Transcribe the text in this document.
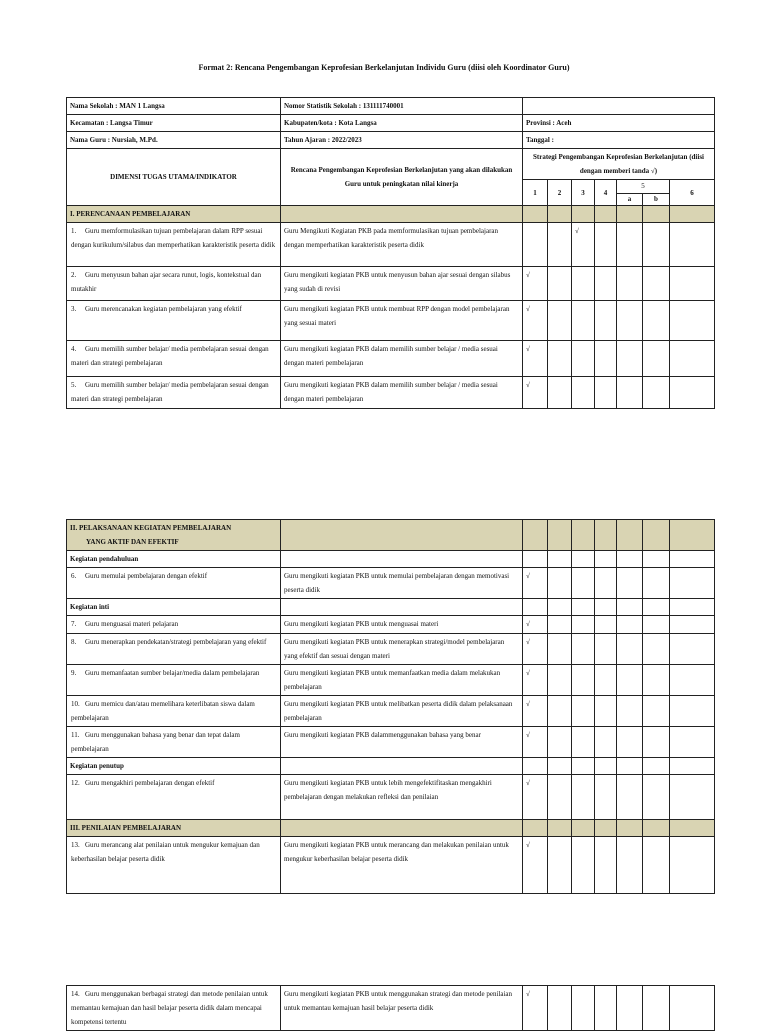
Format 2: Rencana Pengembangan Keprofesian Berkelanjutan Individu Guru (diisi oleh Koordinator Guru)
Nama Sekolah : MAN 1 Langsa	Nomor Statistik Sekolah : 131111740001							
Kecamatan : Langsa Timur	Kabupaten/kota : Kota Langsa	Provinsi : Aceh						
Nama Guru : Nursiah, M.Pd.	Tahun Ajaran : 2022/2023	Tanggal :						
DIMENSI TUGAS UTAMA/INDIKATOR	Rencana Pengembangan Keprofesian Berkelanjutan yang akan dilakukan Guru untuk peningkatan nilai kinerja	Strategi Pengembangan Keprofesian Berkelanjutan (diisi dengan memberi tanda √)						
		1	2	3	4	5		6
						a	b	
I. PERENCANAAN PEMBELAJARAN								
1. Guru memformulasikan tujuan pembelajaran dalam RPP sesuai dengan kurikulum/silabus dan memperhatikan karakteristik peserta didik	Guru Mengikuti Kegiatan PKB pada memformulasikan tujuan pembelajaran dengan memperhatikan karakteristik peserta didik			√				
2. Guru menyusun bahan ajar secara runut, logis, kontekstual dan mutakhir	Guru mengikuti kegiatan PKB untuk menyusun bahan ajar sesuai dengan silabus yang sudah di revisi	√						
3. Guru merencanakan kegiatan pembelajaran yang efektif	Guru mengikuti kegiatan PKB untuk membuat RPP dengan model pembelajaran yang sesuai materi	√						
4. Guru memilih sumber belajar/ media pembelajaran sesuai dengan materi dan strategi pembelajaran	Guru mengikuti kegiatan PKB dalam memilih sumber belajar / media sesuai dengan materi pembelajaran	√						
5. Guru memilih sumber belajar/ media pembelajaran sesuai dengan materi dan strategi pembelajaran	Guru mengikuti kegiatan PKB dalam memilih sumber belajar / media sesuai dengan materi pembelajaran	√						
II. PELAKSANAAN KEGIATAN PEMBELAJARAN
YANG AKTIF DAN EFEKTIF								

Kegiatan pendahuluan								
6. Guru memulai pembelajaran dengan efektif	Guru mengikuti kegiatan PKB untuk memulai pembelajaran dengan memotivasi peserta didik	√						
Kegiatan inti								
7. Guru menguasai materi pelajaran	Guru mengikuti kegiatan PKB untuk menguasai materi	√						
8. Guru menerapkan pendekatan/strategi pembelajaran yang efektif	Guru mengikuti kegiatan PKB untuk menerapkan strategi/model pembelajaran yang efektif dan sesuai dengan materi	√						
9. Guru memanfaatan sumber belajar/media dalam pembelajaran	Guru mengikuti kegiatan PKB untuk memanfaatkan media dalam melakukan pembelajaran	√						
10. Guru memicu dan/atau memelihara keterlibatan siswa dalam pembelajaran	Guru mengikuti kegiatan PKB untuk melibatkan peserta didik dalam pelaksanaan pembelajaran	√						
11. Guru menggunakan bahasa yang benar dan tepat dalam pembelajaran	Guru mengikuti kegiatan PKB dalammenggunakan bahasa yang benar	√						
Kegiatan penutup								
12. Guru mengakhiri pembelajaran dengan efektif	Guru mengikuti kegiatan PKB untuk lebih mengefektifitaskan mengakhiri pembelajaran dengan melakukan refleksi dan penilaian	√						
III. PENILAIAN PEMBELAJARAN								
13. Guru merancang alat penilaian untuk mengukur kemajuan dan keberhasilan belajar peserta didik	Guru mengikuti kegiatan PKB untuk merancang dan melakukan penilaian untuk mengukur keberhasilan belajar peserta didik	√						
14. Guru menggunakan berbagai strategi dan metode penilaian untuk memantau kemajuan dan hasil belajar peserta didik dalam mencapai kompetensi tertentu	Guru mengikuti kegiatan PKB untuk menggunakan strategi dan metode penilaian untuk memantau kemajuan hasil belajar peserta didik	√						
